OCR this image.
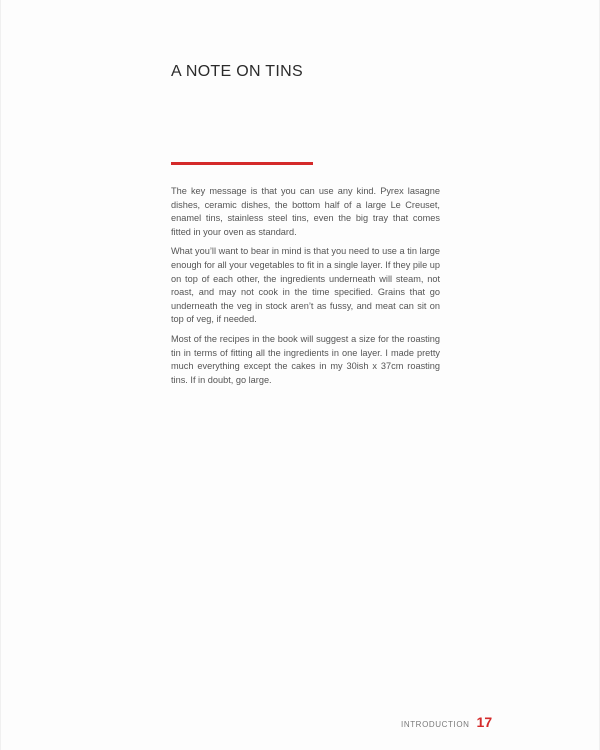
A NOTE ON TINS

The key message is that you can use any kind. Pyrex lasagne dishes, ceramic dishes, the bottom half of a large Le Creuset, enamel tins, stainless steel tins, even the big tray that comes fitted in your oven as standard.

What you’ll want to bear in mind is that you need to use a tin large enough for all your vegetables to fit in a single layer. If they pile up on top of each other, the ingredients underneath will steam, not roast, and may not cook in the time specified. Grains that go underneath the veg in stock aren’t as fussy, and meat can sit on top of veg, if needed.

Most of the recipes in the book will suggest a size for the roasting tin in terms of fitting all the ingredients in one layer. I made pretty much everything except the cakes in my 30ish x 37cm roasting tins. If in doubt, go large.

INTRODUCTION 17
